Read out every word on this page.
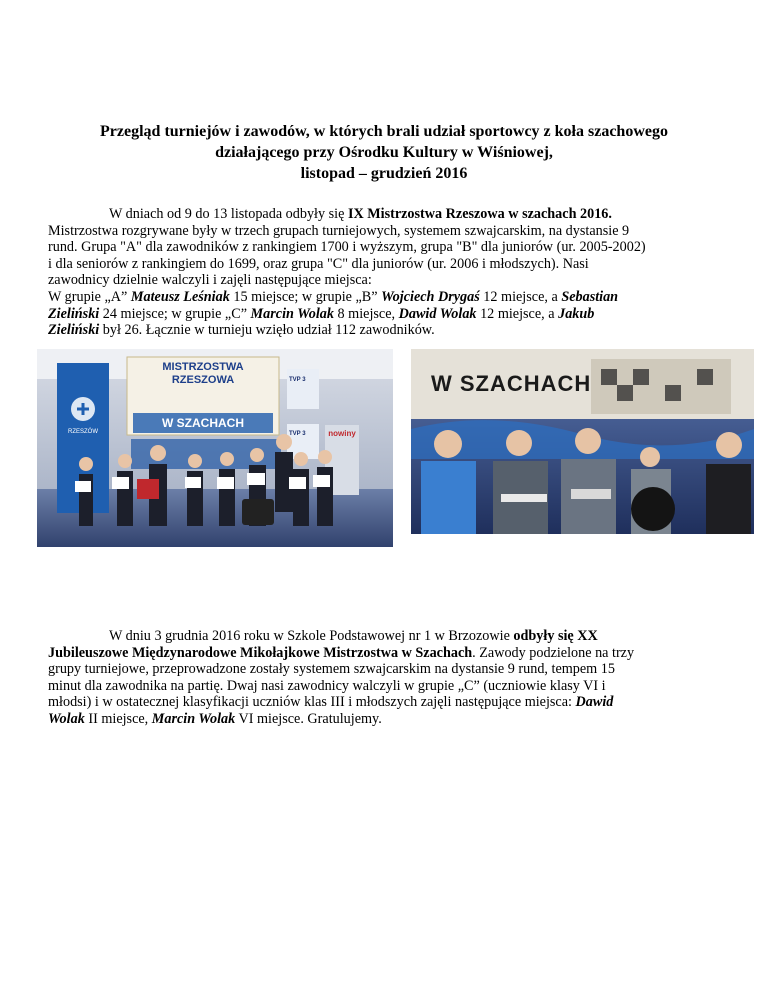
Przegląd turniejów i zawodów, w których brali udział sportowcy z koła szachowego
działającego przy Ośrodku Kultury w Wiśniowej,
listopad – grudzień 2016
W dniach od 9 do 13 listopada odbyły się IX Mistrzostwa Rzeszowa w szachach 2016.
Mistrzostwa rozgrywane były w trzech grupach turniejowych, systemem szwajcarskim, na dystansie 9
rund. Grupa "A" dla zawodników z rankingiem 1700 i wyższym, grupa "B" dla juniorów (ur. 2005-2002)
i dla seniorów z rankingiem do 1699, oraz grupa "C" dla juniorów (ur. 2006 i młodszych). Nasi
zawodnicy dzielnie walczyli i zajęli następujące miejsca:
W grupie „A” Mateusz Leśniak 15 miejsce; w grupie „B” Wojciech Drygaś 12 miejsce, a Sebastian
Zieliński 24 miejsce; w grupie „C” Marcin Wolak 8 miejsce, Dawid Wolak 12 miejsce, a Jakub
Zieliński był 26. Łącznie w turnieju wzięło udział 112 zawodników.
MISTRZOSTWA
RZESZOWA
W SZACHACH
RZESZÓW
TVP 3
TVP 3	nowiny
W SZACHACH
W dniu 3 grudnia 2016 roku w Szkole Podstawowej nr 1 w Brzozowie odbyły się XX
Jubileuszowe Międzynarodowe Mikołajkowe Mistrzostwa w Szachach. Zawody podzielone na trzy
grupy turniejowe, przeprowadzone zostały systemem szwajcarskim na dystansie 9 rund, tempem 15
minut dla zawodnika na partię. Dwaj nasi zawodnicy walczyli w grupie „C” (uczniowie klasy VI i
młodsi) i w ostatecznej klasyfikacji uczniów klas III i młodszych zajęli następujące miejsca: Dawid
Wolak II miejsce, Marcin Wolak VI miejsce. Gratulujemy.
